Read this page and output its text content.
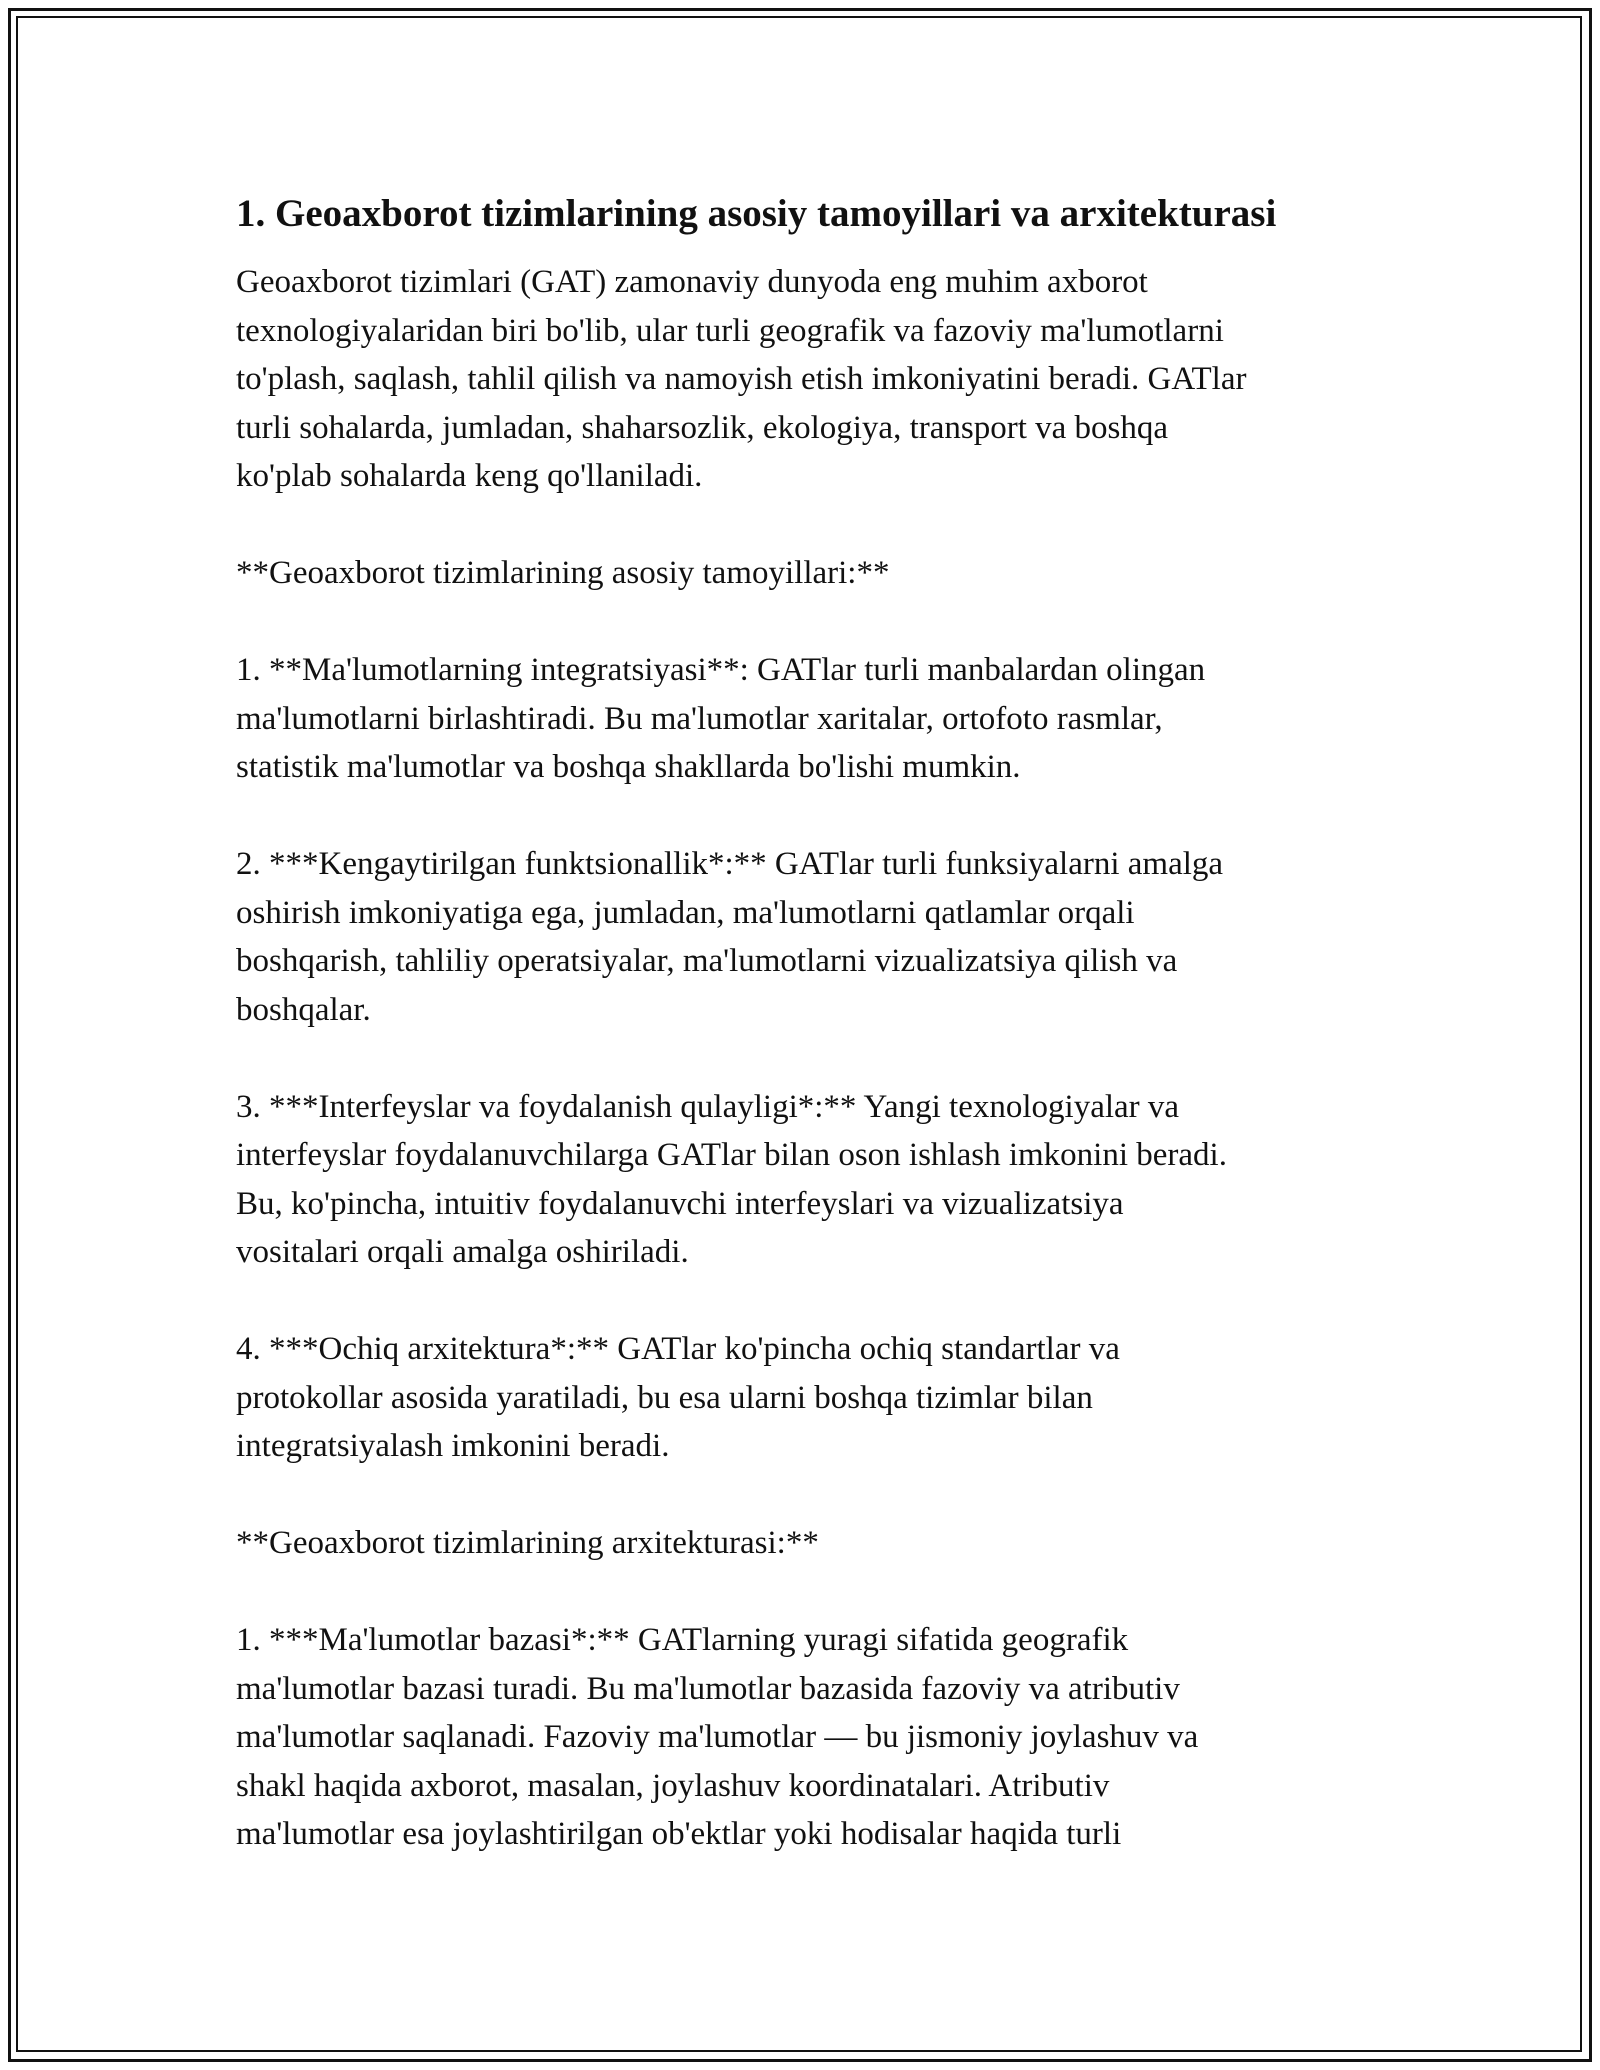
1. Geoaxborot tizimlarining asosiy tamoyillari va arxitekturasi

Geoaxborot tizimlari (GAT) zamonaviy dunyoda eng muhim axborot
texnologiyalaridan biri bo'lib, ular turli geografik va fazoviy ma'lumotlarni
to'plash, saqlash, tahlil qilish va namoyish etish imkoniyatini beradi. GATlar
turli sohalarda, jumladan, shaharsozlik, ekologiya, transport va boshqa
ko'plab sohalarda keng qo'llaniladi.

**Geoaxborot tizimlarining asosiy tamoyillari:**

1. **Ma'lumotlarning integratsiyasi**: GATlar turli manbalardan olingan
ma'lumotlarni birlashtiradi. Bu ma'lumotlar xaritalar, ortofoto rasmlar,
statistik ma'lumotlar va boshqa shakllarda bo'lishi mumkin.

2. ***Kengaytirilgan funktsionallik*:** GATlar turli funksiyalarni amalga
oshirish imkoniyatiga ega, jumladan, ma'lumotlarni qatlamlar orqali
boshqarish, tahliliy operatsiyalar, ma'lumotlarni vizualizatsiya qilish va
boshqalar.

3. ***Interfeyslar va foydalanish qulayligi*:** Yangi texnologiyalar va
interfeyslar foydalanuvchilarga GATlar bilan oson ishlash imkonini beradi.
Bu, ko'pincha, intuitiv foydalanuvchi interfeyslari va vizualizatsiya
vositalari orqali amalga oshiriladi.

4. ***Ochiq arxitektura*:** GATlar ko'pincha ochiq standartlar va
protokollar asosida yaratiladi, bu esa ularni boshqa tizimlar bilan
integratsiyalash imkonini beradi.

**Geoaxborot tizimlarining arxitekturasi:**

1. ***Ma'lumotlar bazasi*:** GATlarning yuragi sifatida geografik
ma'lumotlar bazasi turadi. Bu ma'lumotlar bazasida fazoviy va atributiv
ma'lumotlar saqlanadi. Fazoviy ma'lumotlar — bu jismoniy joylashuv va
shakl haqida axborot, masalan, joylashuv koordinatalari. Atributiv
ma'lumotlar esa joylashtirilgan ob'ektlar yoki hodisalar haqida turli
